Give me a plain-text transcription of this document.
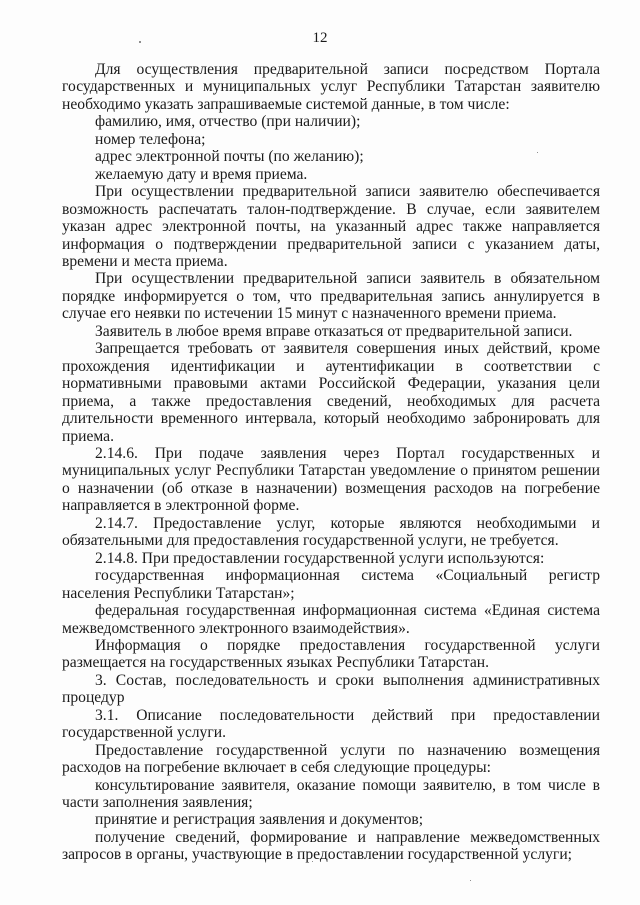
12

Для осуществления предварительной записи посредством Портала государственных и муниципальных услуг Республики Татарстан заявителю необходимо указать запрашиваемые системой данные, в том числе:

фамилию, имя, отчество (при наличии);

номер телефона;

адрес электронной почты (по желанию);

желаемую дату и время приема.

При осуществлении предварительной записи заявителю обеспечивается возможность распечатать талон-подтверждение. В случае, если заявителем указан адрес электронной почты, на указанный адрес также направляется информация о подтверждении предварительной записи с указанием даты, времени и места приема.

При осуществлении предварительной записи заявитель в обязательном порядке информируется о том, что предварительная запись аннулируется в случае его неявки по истечении 15 минут с назначенного времени приема.

Заявитель в любое время вправе отказаться от предварительной записи.

Запрещается требовать от заявителя совершения иных действий, кроме прохождения идентификации и аутентификации в соответствии с нормативными правовыми актами Российской Федерации, указания цели приема, а также предоставления сведений, необходимых для расчета длительности временного интервала, который необходимо забронировать для приема.

2.14.6. При подаче заявления через Портал государственных и муниципальных услуг Республики Татарстан уведомление о принятом решении о назначении (об отказе в назначении) возмещения расходов на погребение направляется в электронной форме.

2.14.7. Предоставление услуг, которые являются необходимыми и обязательными для предоставления государственной услуги, не требуется.

2.14.8. При предоставлении государственной услуги используются:

государственная информационная система «Социальный регистр населения Республики Татарстан»;

федеральная государственная информационная система «Единая система межведомственного электронного взаимодействия».

Информация о порядке предоставления государственной услуги размещается на государственных языках Республики Татарстан.

3. Состав, последовательность и сроки выполнения административных процедур

3.1. Описание последовательности действий при предоставлении государственной услуги.

Предоставление государственной услуги по назначению возмещения расходов на погребение включает в себя следующие процедуры:

консультирование заявителя, оказание помощи заявителю, в том числе в части заполнения заявления;

принятие и регистрация заявления и документов;

получение сведений, формирование и направление межведомственных запросов в органы, участвующие в предоставлении государственной услуги;
